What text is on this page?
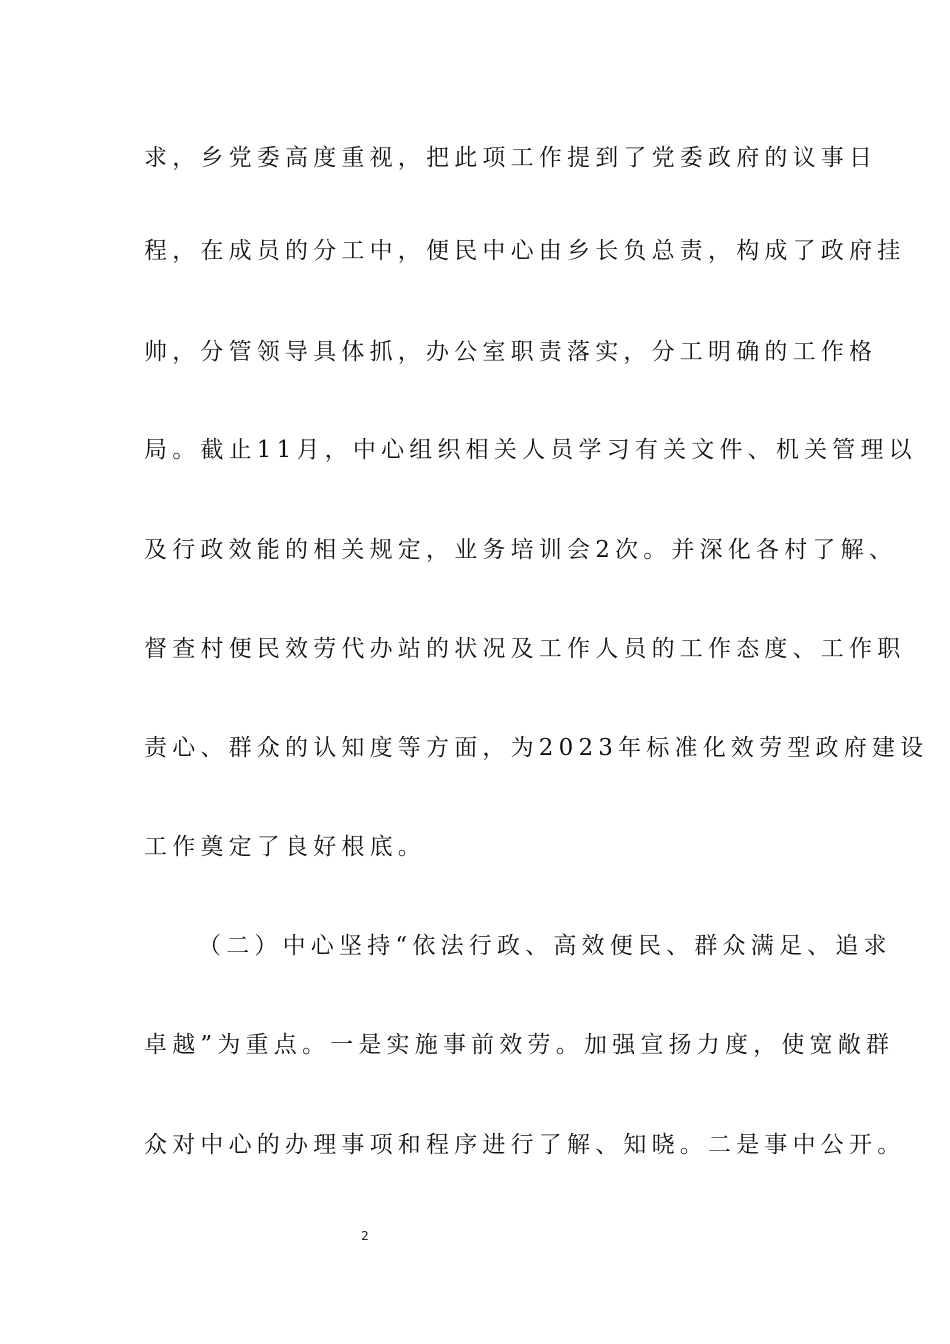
求，乡党委高度重视，把此项工作提到了党委政府的议事日
程，在成员的分工中，便民中心由乡长负总责，构成了政府挂
帅，分管领导具体抓，办公室职责落实，分工明确的工作格
局。截止11月，中心组织相关人员学习有关文件、机关管理以
及行政效能的相关规定，业务培训会2次。并深化各村了解、
督查村便民效劳代办站的状况及工作人员的工作态度、工作职
责心、群众的认知度等方面，为2023年标准化效劳型政府建设
工作奠定了良好根底。
（二）中心坚持“依法行政、高效便民、群众满足、追求
卓越”为重点。一是实施事前效劳。加强宣扬力度，使宽敞群
众对中心的办理事项和程序进行了解、知晓。二是事中公开。
2
